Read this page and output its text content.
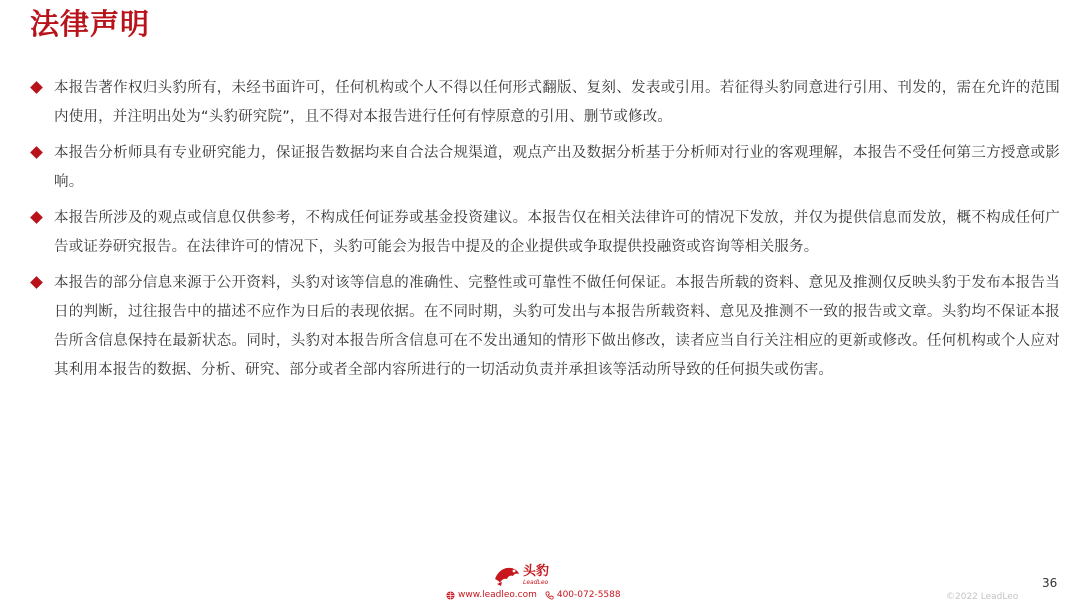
法律声明
本报告著作权归头豹所有，未经书面许可，任何机构或个人不得以任何形式翻版、复刻、发表或引用。若征得头豹同意进行引用、刊发的，需在允许的范围内使用，并注明出处为“头豹研究院”，且不得对本报告进行任何有悖原意的引用、删节或修改。
本报告分析师具有专业研究能力，保证报告数据均来自合法合规渠道，观点产出及数据分析基于分析师对行业的客观理解，本报告不受任何第三方授意或影响。
本报告所涉及的观点或信息仅供参考，不构成任何证券或基金投资建议。本报告仅在相关法律许可的情况下发放，并仅为提供信息而发放，概不构成任何广告或证券研究报告。在法律许可的情况下，头豹可能会为报告中提及的企业提供或争取提供投融资或咨询等相关服务。
本报告的部分信息来源于公开资料，头豹对该等信息的准确性、完整性或可靠性不做任何保证。本报告所载的资料、意见及推测仅反映头豹于发布本报告当日的判断，过往报告中的描述不应作为日后的表现依据。在不同时期，头豹可发出与本报告所载资料、意见及推测不一致的报告或文章。头豹均不保证本报告所含信息保持在最新状态。同时，头豹对本报告所含信息可在不发出通知的情形下做出修改，读者应当自行关注相应的更新或修改。任何机构或个人应对其利用本报告的数据、分析、研究、部分或者全部内容所进行的一切活动负责并承担该等活动所导致的任何损失或伤害。
头豹
LeadLeo
www.leadleo.com 400-072-5588
36
©2022 LeadLeo
